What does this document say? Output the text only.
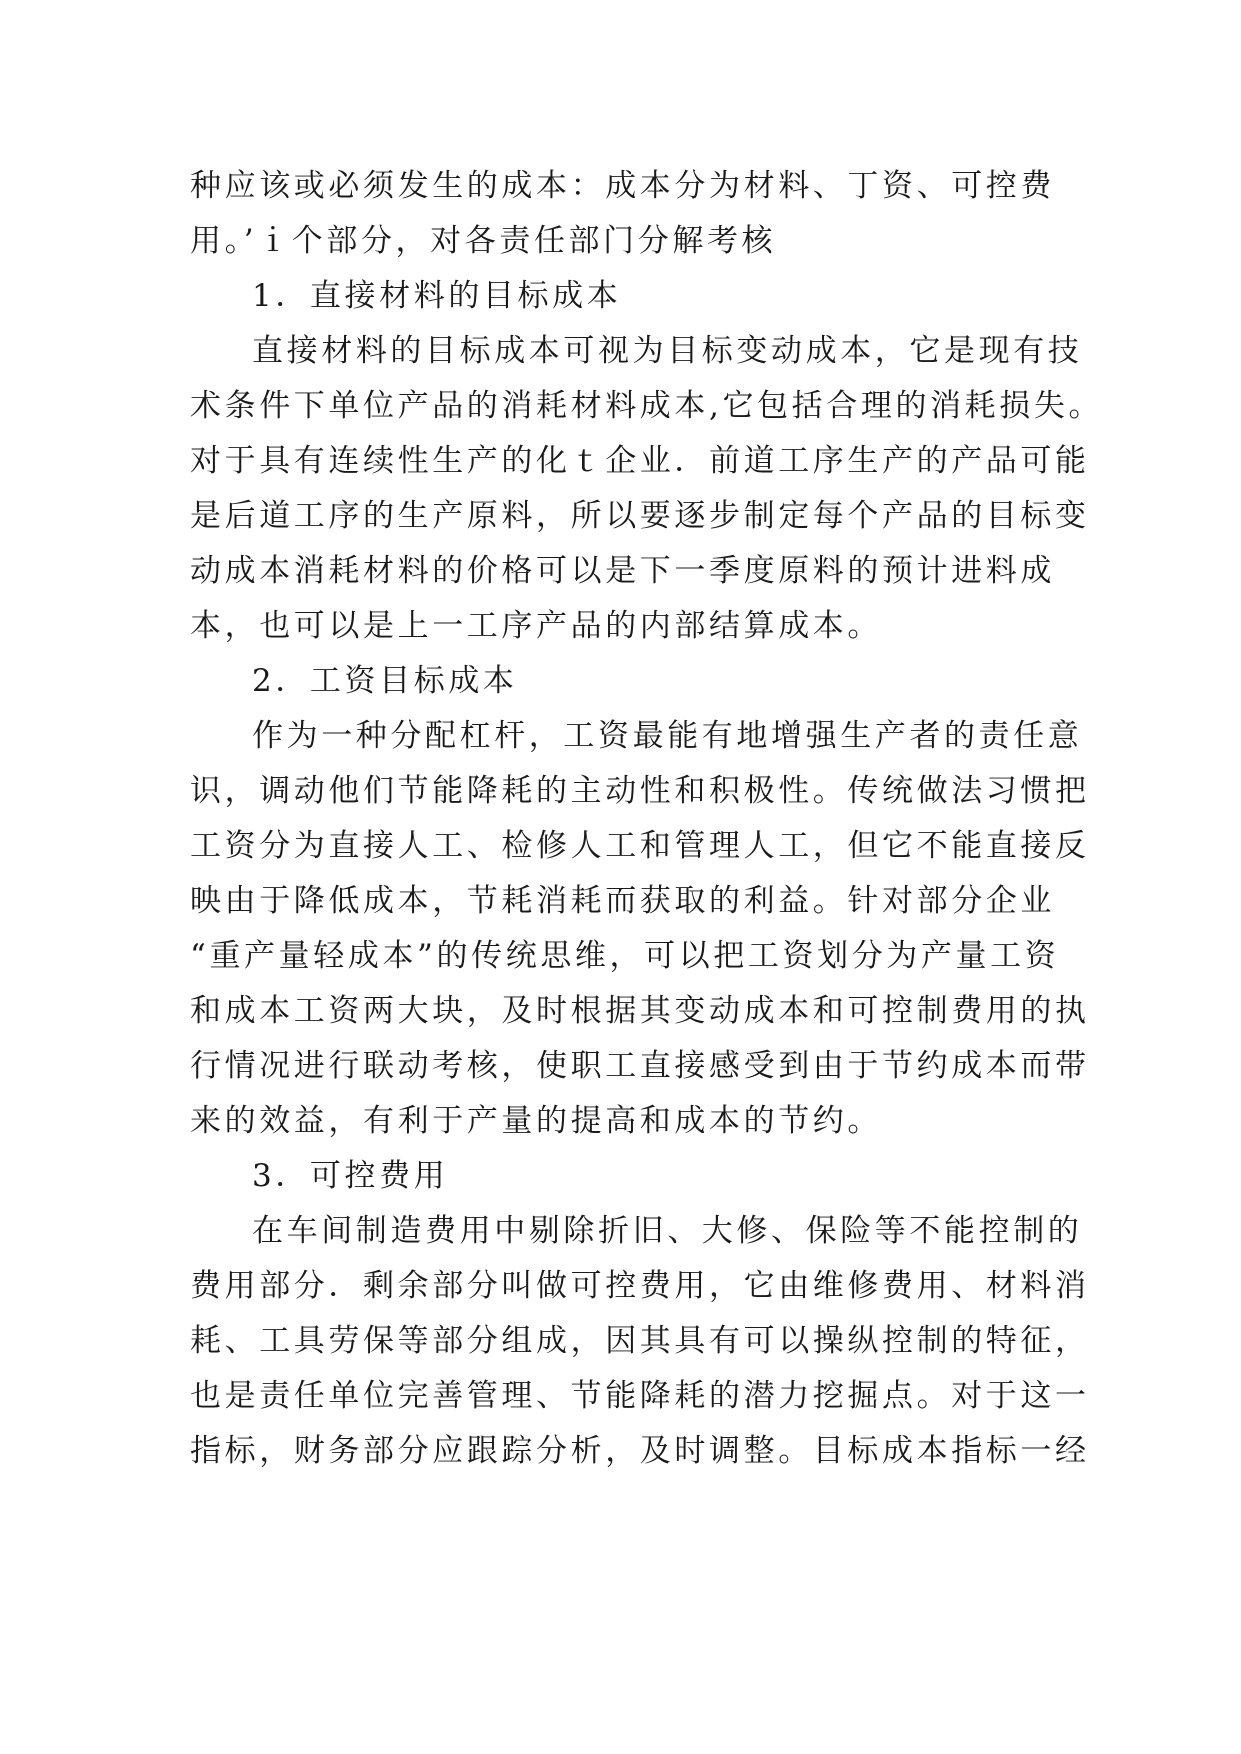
种应该或必须发生的成本：成本分为材料、丁资、可控费
用。’ｉ个部分，对各责任部门分解考核
1．直接材料的目标成本
直接材料的目标成本可视为目标变动成本，它是现有技
术条件下单位产品的消耗材料成本,它包括合理的消耗损失。
对于具有连续性生产的化ｔ企业．前道工序生产的产品可能
是后道工序的生产原料，所以要逐步制定每个产品的目标变
动成本消耗材料的价格可以是下一季度原料的预计进料成
本，也可以是上一工序产品的内部结算成本。
2．工资目标成本
作为一种分配杠杆，工资最能有地增强生产者的责任意
识，调动他们节能降耗的主动性和积极性。传统做法习惯把
工资分为直接人工、检修人工和管理人工，但它不能直接反
映由于降低成本，节耗消耗而获取的利益。针对部分企业
“重产量轻成本”的传统思维，可以把工资划分为产量工资
和成本工资两大块，及时根据其变动成本和可控制费用的执
行情况进行联动考核，使职工直接感受到由于节约成本而带
来的效益，有利于产量的提高和成本的节约。
3．可控费用
在车间制造费用中剔除折旧、大修、保险等不能控制的
费用部分．剩余部分叫做可控费用，它由维修费用、材料消
耗、工具劳保等部分组成，因其具有可以操纵控制的特征，
也是责任单位完善管理、节能降耗的潜力挖掘点。对于这一
指标，财务部分应跟踪分析，及时调整。目标成本指标一经
